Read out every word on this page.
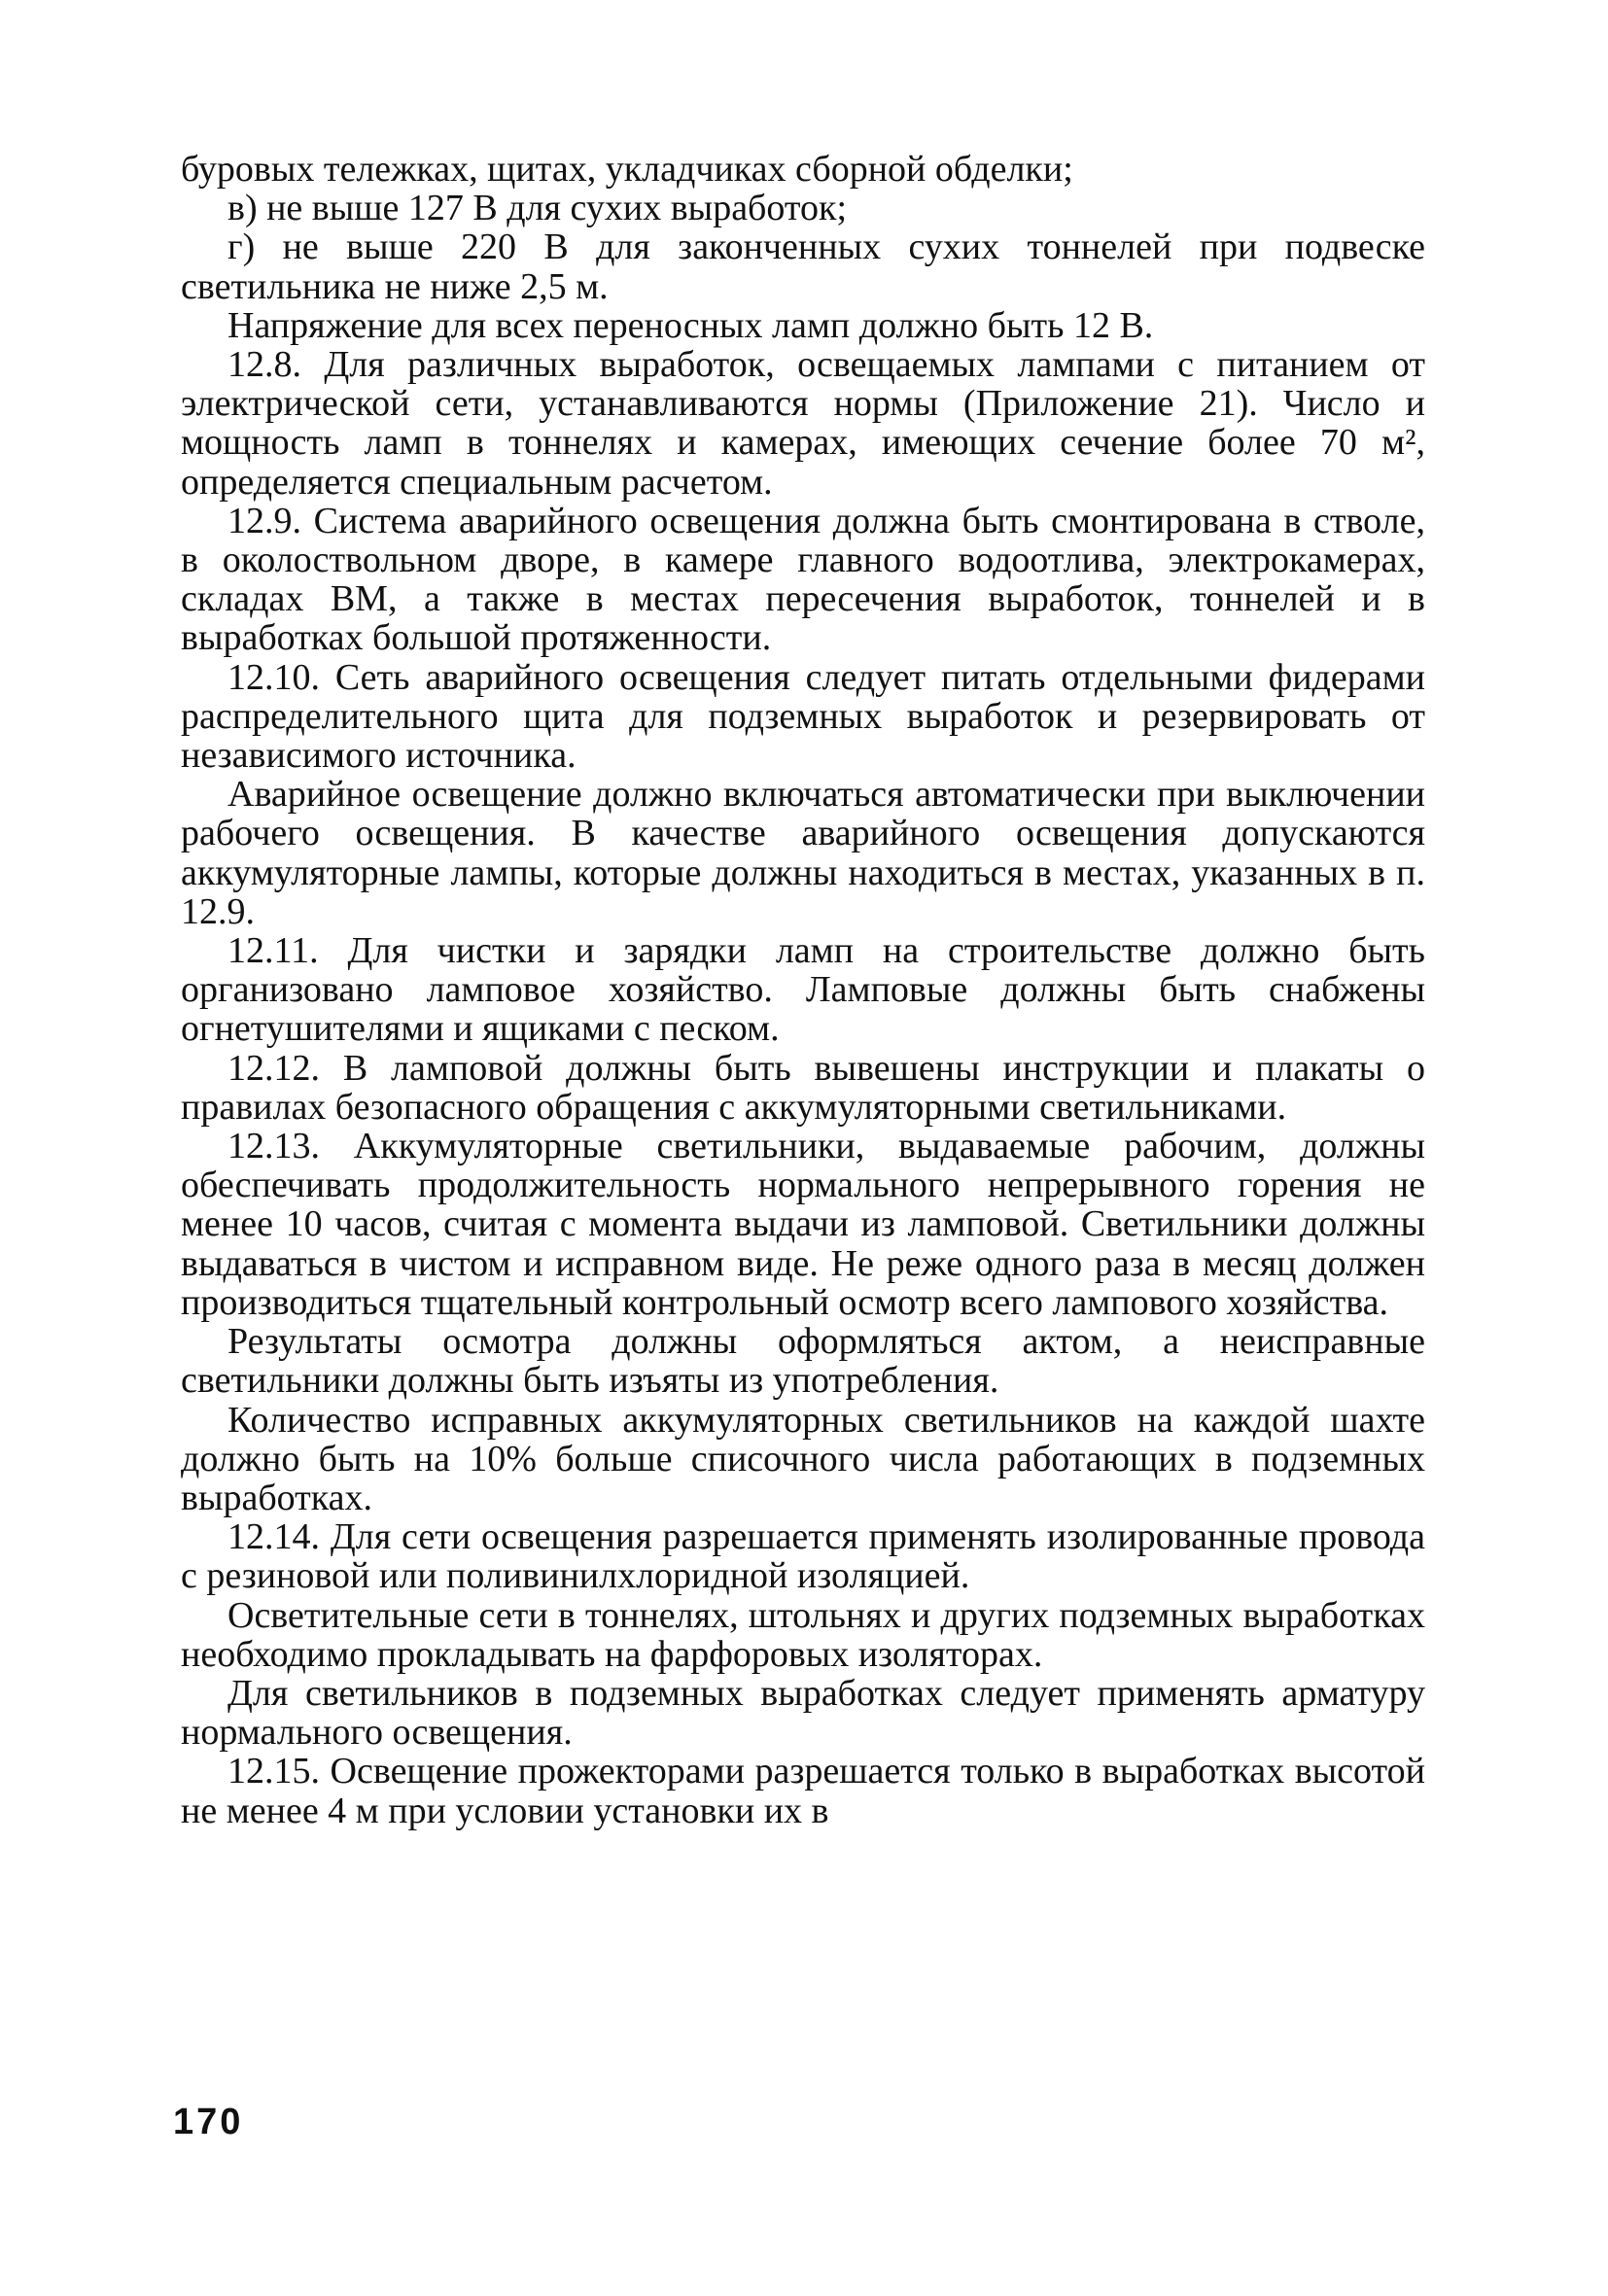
буровых тележках, щитах, укладчиках сборной обделки;

в) не выше 127 В для сухих выработок;

г) не выше 220 В для законченных сухих тоннелей при подвеске светильника не ниже 2,5 м.

Напряжение для всех переносных ламп должно быть 12 В.

12.8. Для различных выработок, освещаемых лампами с питанием от электрической сети, устанавливаются нормы (Приложение 21). Число и мощность ламп в тоннелях и камерах, имеющих сечение более 70 м², определяется специальным расчетом.

12.9. Система аварийного освещения должна быть смонтирована в стволе, в околоствольном дворе, в камере главного водоотлива, электрокамерах, складах ВМ, а также в местах пересечения выработок, тоннелей и в выработках большой протяженности.

12.10. Сеть аварийного освещения следует питать отдельными фидерами распределительного щита для подземных выработок и резервировать от независимого источника.

Аварийное освещение должно включаться автоматически при выключении рабочего освещения. В качестве аварийного освещения допускаются аккумуляторные лампы, которые должны находиться в местах, указанных в п. 12.9.

12.11. Для чистки и зарядки ламп на строительстве должно быть организовано ламповое хозяйство. Ламповые должны быть снабжены огнетушителями и ящиками с песком.

12.12. В ламповой должны быть вывешены инструкции и плакаты о правилах безопасного обращения с аккумуляторными светильниками.

12.13. Аккумуляторные светильники, выдаваемые рабочим, должны обеспечивать продолжительность нормального непрерывного горения не менее 10 часов, считая с момента выдачи из ламповой. Светильники должны выдаваться в чистом и исправном виде. Не реже одного раза в месяц должен производиться тщательный контрольный осмотр всего лампового хозяйства.

Результаты осмотра должны оформляться актом, а неисправные светильники должны быть изъяты из употребления.

Количество исправных аккумуляторных светильников на каждой шахте должно быть на 10% больше списочного числа работающих в подземных выработках.

12.14. Для сети освещения разрешается применять изолированные провода с резиновой или поливинилхлоридной изоляцией.

Осветительные сети в тоннелях, штольнях и других подземных выработках необходимо прокладывать на фарфоровых изоляторах.

Для светильников в подземных выработках следует применять арматуру нормального освещения.

12.15. Освещение прожекторами разрешается только в выработках высотой не менее 4 м при условии установки их в

170
